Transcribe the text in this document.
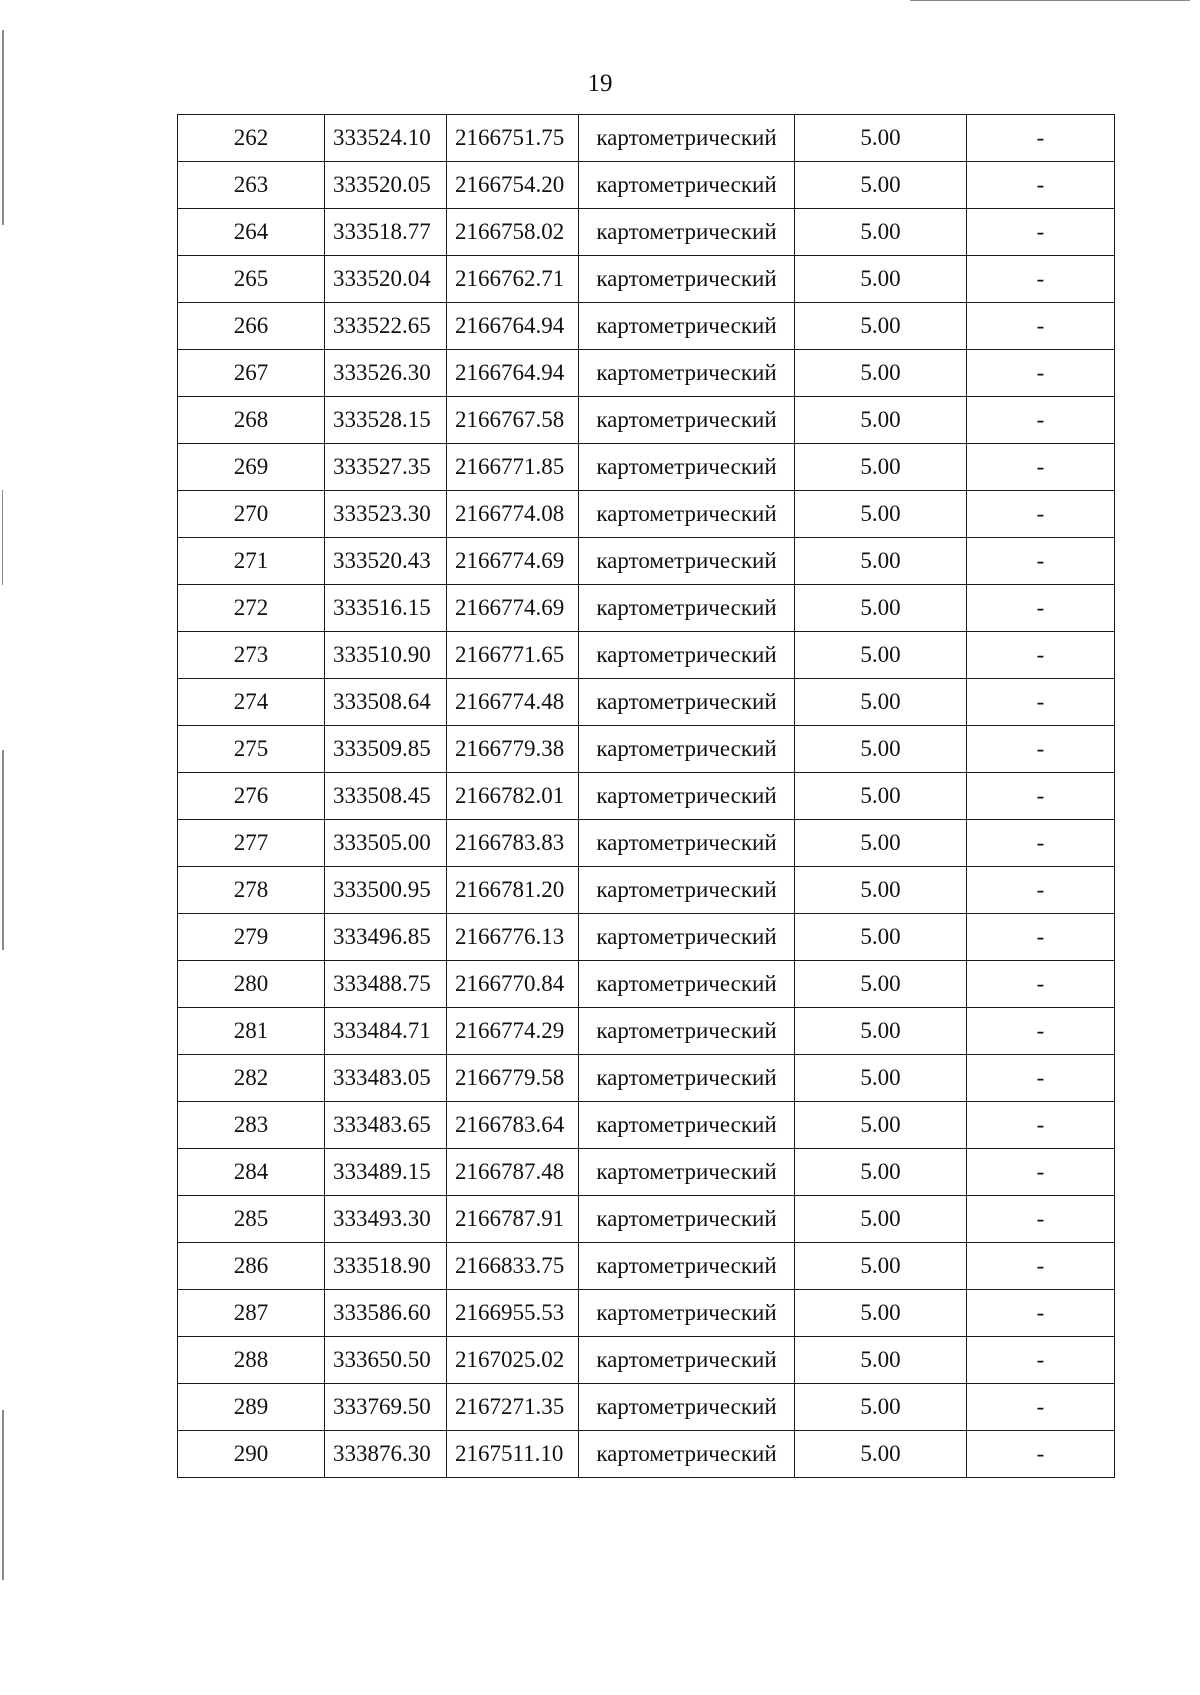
19
262	333524.10	2166751.75	картометрический	5.00	-
263	333520.05	2166754.20	картометрический	5.00	-
264	333518.77	2166758.02	картометрический	5.00	-
265	333520.04	2166762.71	картометрический	5.00	-
266	333522.65	2166764.94	картометрический	5.00	-
267	333526.30	2166764.94	картометрический	5.00	-
268	333528.15	2166767.58	картометрический	5.00	-
269	333527.35	2166771.85	картометрический	5.00	-
270	333523.30	2166774.08	картометрический	5.00	-
271	333520.43	2166774.69	картометрический	5.00	-
272	333516.15	2166774.69	картометрический	5.00	-
273	333510.90	2166771.65	картометрический	5.00	-
274	333508.64	2166774.48	картометрический	5.00	-
275	333509.85	2166779.38	картометрический	5.00	-
276	333508.45	2166782.01	картометрический	5.00	-
277	333505.00	2166783.83	картометрический	5.00	-
278	333500.95	2166781.20	картометрический	5.00	-
279	333496.85	2166776.13	картометрический	5.00	-
280	333488.75	2166770.84	картометрический	5.00	-
281	333484.71	2166774.29	картометрический	5.00	-
282	333483.05	2166779.58	картометрический	5.00	-
283	333483.65	2166783.64	картометрический	5.00	-
284	333489.15	2166787.48	картометрический	5.00	-
285	333493.30	2166787.91	картометрический	5.00	-
286	333518.90	2166833.75	картометрический	5.00	-
287	333586.60	2166955.53	картометрический	5.00	-
288	333650.50	2167025.02	картометрический	5.00	-
289	333769.50	2167271.35	картометрический	5.00	-
290	333876.30	2167511.10	картометрический	5.00	-
